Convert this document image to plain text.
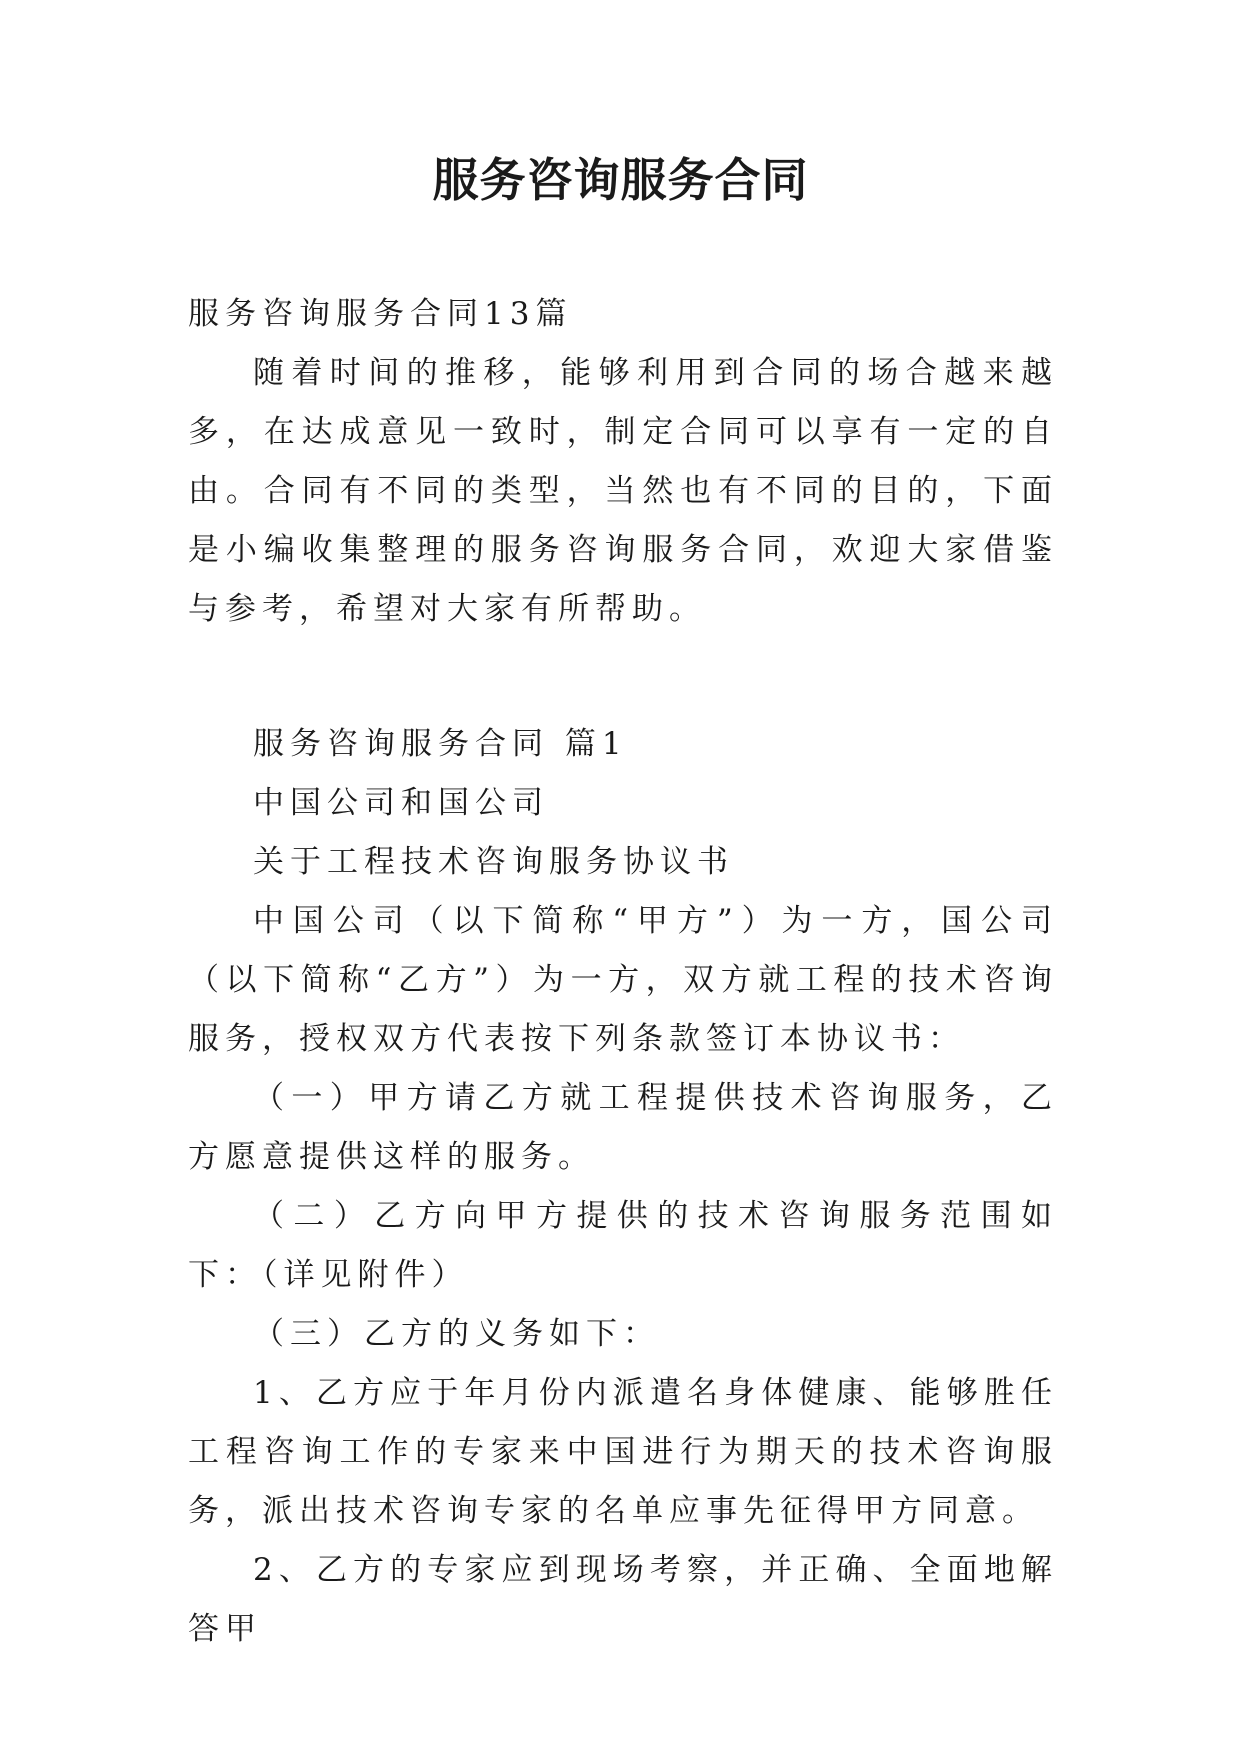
服务咨询服务合同

服务咨询服务合同13篇

随着时间的推移，能够利用到合同的场合越来越多，在达成意见一致时，制定合同可以享有一定的自由。合同有不同的类型，当然也有不同的目的，下面是小编收集整理的服务咨询服务合同，欢迎大家借鉴与参考，希望对大家有所帮助。

服务咨询服务合同 篇1

中国公司和国公司

关于工程技术咨询服务协议书

中国公司（以下简称“甲方”）为一方，国公司（以下简称“乙方”）为一方，双方就工程的技术咨询服务，授权双方代表按下列条款签订本协议书：

（一）甲方请乙方就工程提供技术咨询服务，乙方愿意提供这样的服务。

（二）乙方向甲方提供的技术咨询服务范围如下：（详见附件）

（三）乙方的义务如下：

1、乙方应于年月份内派遣名身体健康、能够胜任工程咨询工作的专家来中国进行为期天的技术咨询服务，派出技术咨询专家的名单应事先征得甲方同意。

2、乙方的专家应到现场考察，并正确、全面地解答甲
